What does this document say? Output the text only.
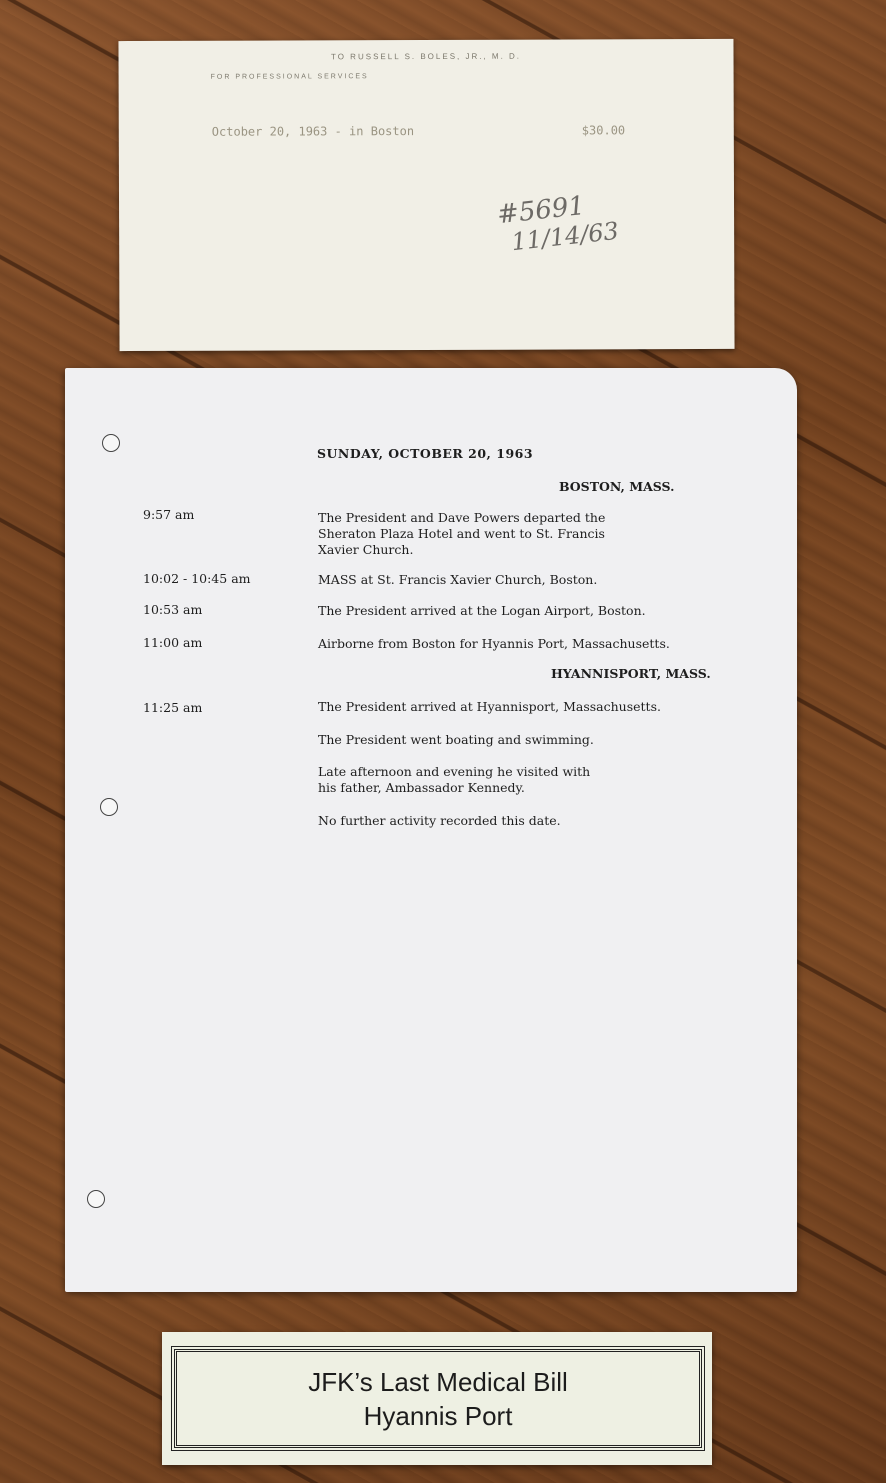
TO RUSSELL S. BOLES, JR., M. D.
FOR PROFESSIONAL SERVICES
October 20, 1963 - in Boston	$30.00
#5691
11/14/63
SUNDAY, OCTOBER 20, 1963
BOSTON, MASS.
9:57 am	The President and Dave Powers departed the
Sheraton Plaza Hotel and went to St. Francis
Xavier Church.
10:02 - 10:45 am	MASS at St. Francis Xavier Church, Boston.
10:53 am	The President arrived at the Logan Airport, Boston.
11:00 am	Airborne from Boston for Hyannis Port, Massachusetts.
HYANNISPORT, MASS.
11:25 am	The President arrived at Hyannisport, Massachusetts.
The President went boating and swimming.
Late afternoon and evening he visited with
his father, Ambassador Kennedy.
No further activity recorded this date.
JFK’s Last Medical Bill
Hyannis Port
